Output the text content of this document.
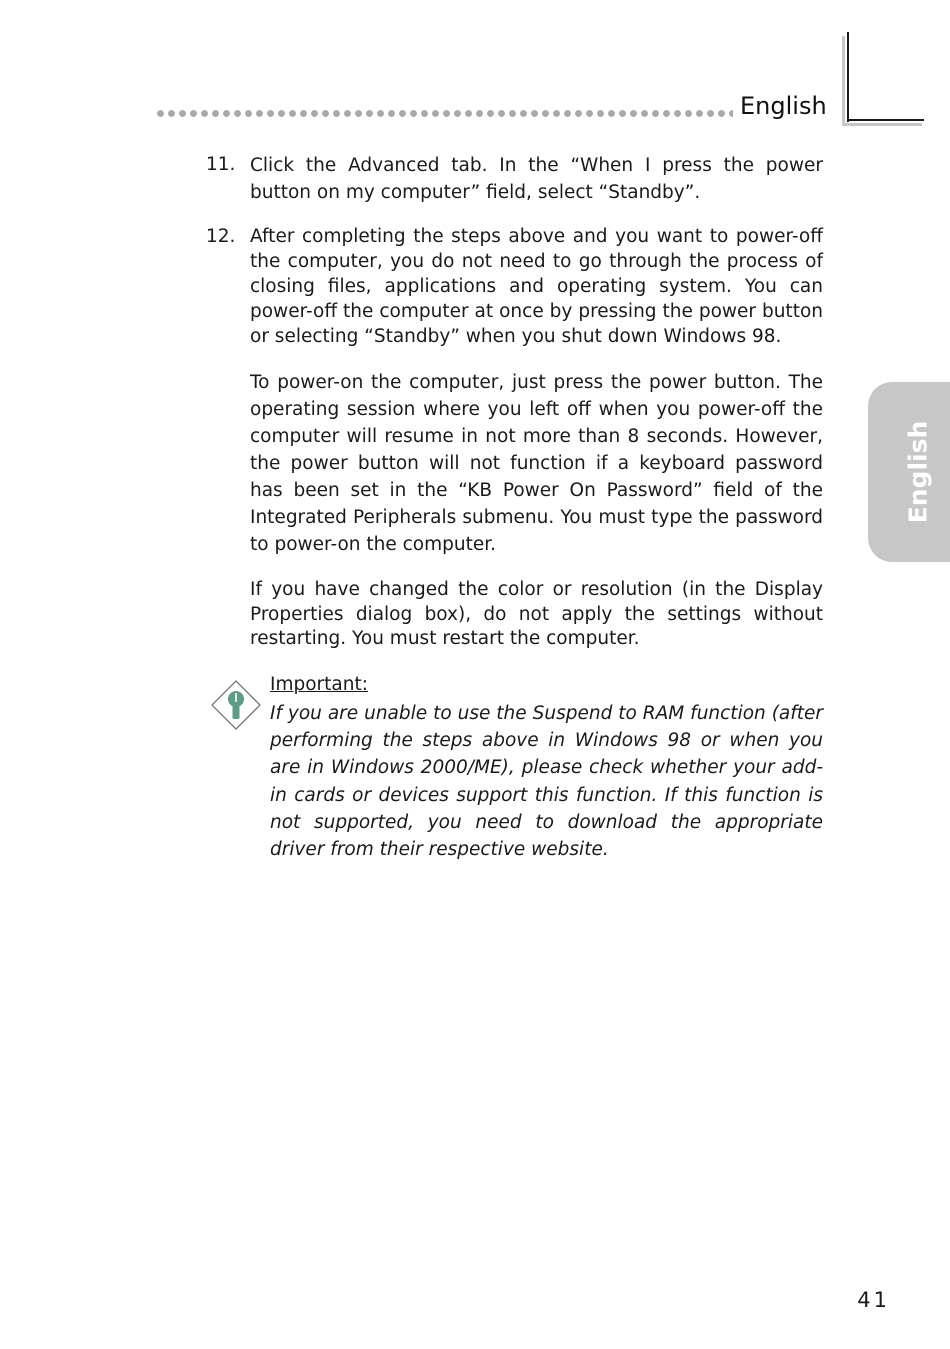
English
English
11. Click the Advanced tab. In the “When I press the power button on my computer” field, select “Standby”.
12. After completing the steps above and you want to power-off the computer, you do not need to go through the process of closing files, applications and operating system. You can power-off the computer at once by pressing the power button or selecting “Standby” when you shut down Windows 98.
To power-on the computer, just press the power button. The operating session where you left off when you power-off the computer will resume in not more than 8 seconds. However, the power button will not function if a keyboard password has been set in the “KB Power On Password” field of the Integrated Peripherals submenu. You must type the password to power-on the computer.
If you have changed the color or resolution (in the Display Properties dialog box), do not apply the settings without restarting. You must restart the computer.
Important:
If you are unable to use the Suspend to RAM function (after performing the steps above in Windows 98 or when you are in Windows 2000/ME), please check whether your add-in cards or devices support this function. If this function is not supported, you need to download the appropriate driver from their respective website.
41
